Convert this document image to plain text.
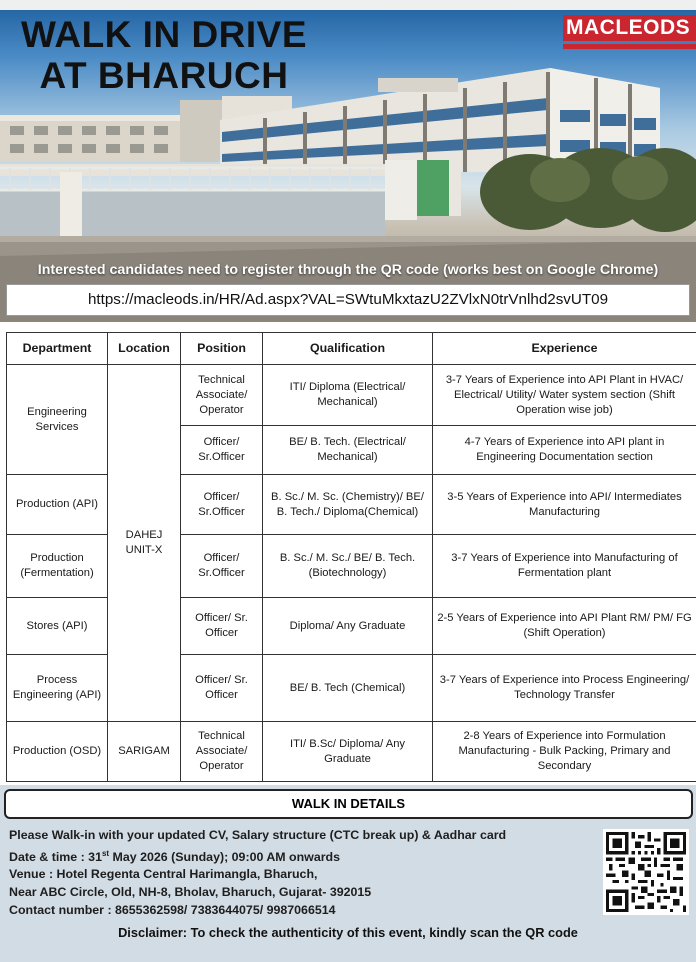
WALK IN DRIVE
AT BHARUCH
MACLEODS
Interested candidates need to register through the QR code (works best on Google Chrome)
https://macleods.in/HR/Ad.aspx?VAL=SWtuMkxtazU2ZVlxN0trVnlhd2svUT09
Department	Location	Position	Qualification	Experience
Engineering Services	DAHEJ UNIT-X	Technical Associate/ Operator	ITI/ Diploma (Electrical/ Mechanical)	3-7 Years of Experience into API Plant in HVAC/ Electrical/ Utility/ Water system section (Shift Operation wise job)
		Officer/ Sr.Officer	BE/ B. Tech. (Electrical/ Mechanical)	4-7 Years of Experience into API plant in Engineering Documentation section
Production (API)		Officer/ Sr.Officer	B. Sc./ M. Sc. (Chemistry)/ BE/ B. Tech./ Diploma(Chemical)	3-5 Years of Experience into API/ Intermediates Manufacturing
Production (Fermentation)		Officer/ Sr.Officer	B. Sc./ M. Sc./ BE/ B. Tech. (Biotechnology)	3-7 Years of Experience into Manufacturing of Fermentation plant
Stores (API)		Officer/ Sr. Officer	Diploma/ Any Graduate	2-5 Years of Experience into API Plant RM/ PM/ FG (Shift Operation)
Process Engineering (API)		Officer/ Sr. Officer	BE/ B. Tech (Chemical)	3-7 Years of Experience into Process Engineering/ Technology Transfer
Production (OSD)	SARIGAM	Technical Associate/ Operator	ITI/ B.Sc/ Diploma/ Any Graduate	2-8 Years of Experience into Formulation Manufacturing - Bulk Packing, Primary and Secondary
WALK IN DETAILS

Please Walk-in with your updated CV, Salary structure (CTC break up) & Aadhar card

Date & time : 31st May 2026 (Sunday); 09:00 AM onwards

Venue : Hotel Regenta Central Harimangla, Bharuch,

Near ABC Circle, Old, NH-8, Bholav, Bharuch, Gujarat- 392015

Contact number : 8655362598/ 7383644075/ 9987066514

Disclaimer: To check the authenticity of this event, kindly scan the QR code
